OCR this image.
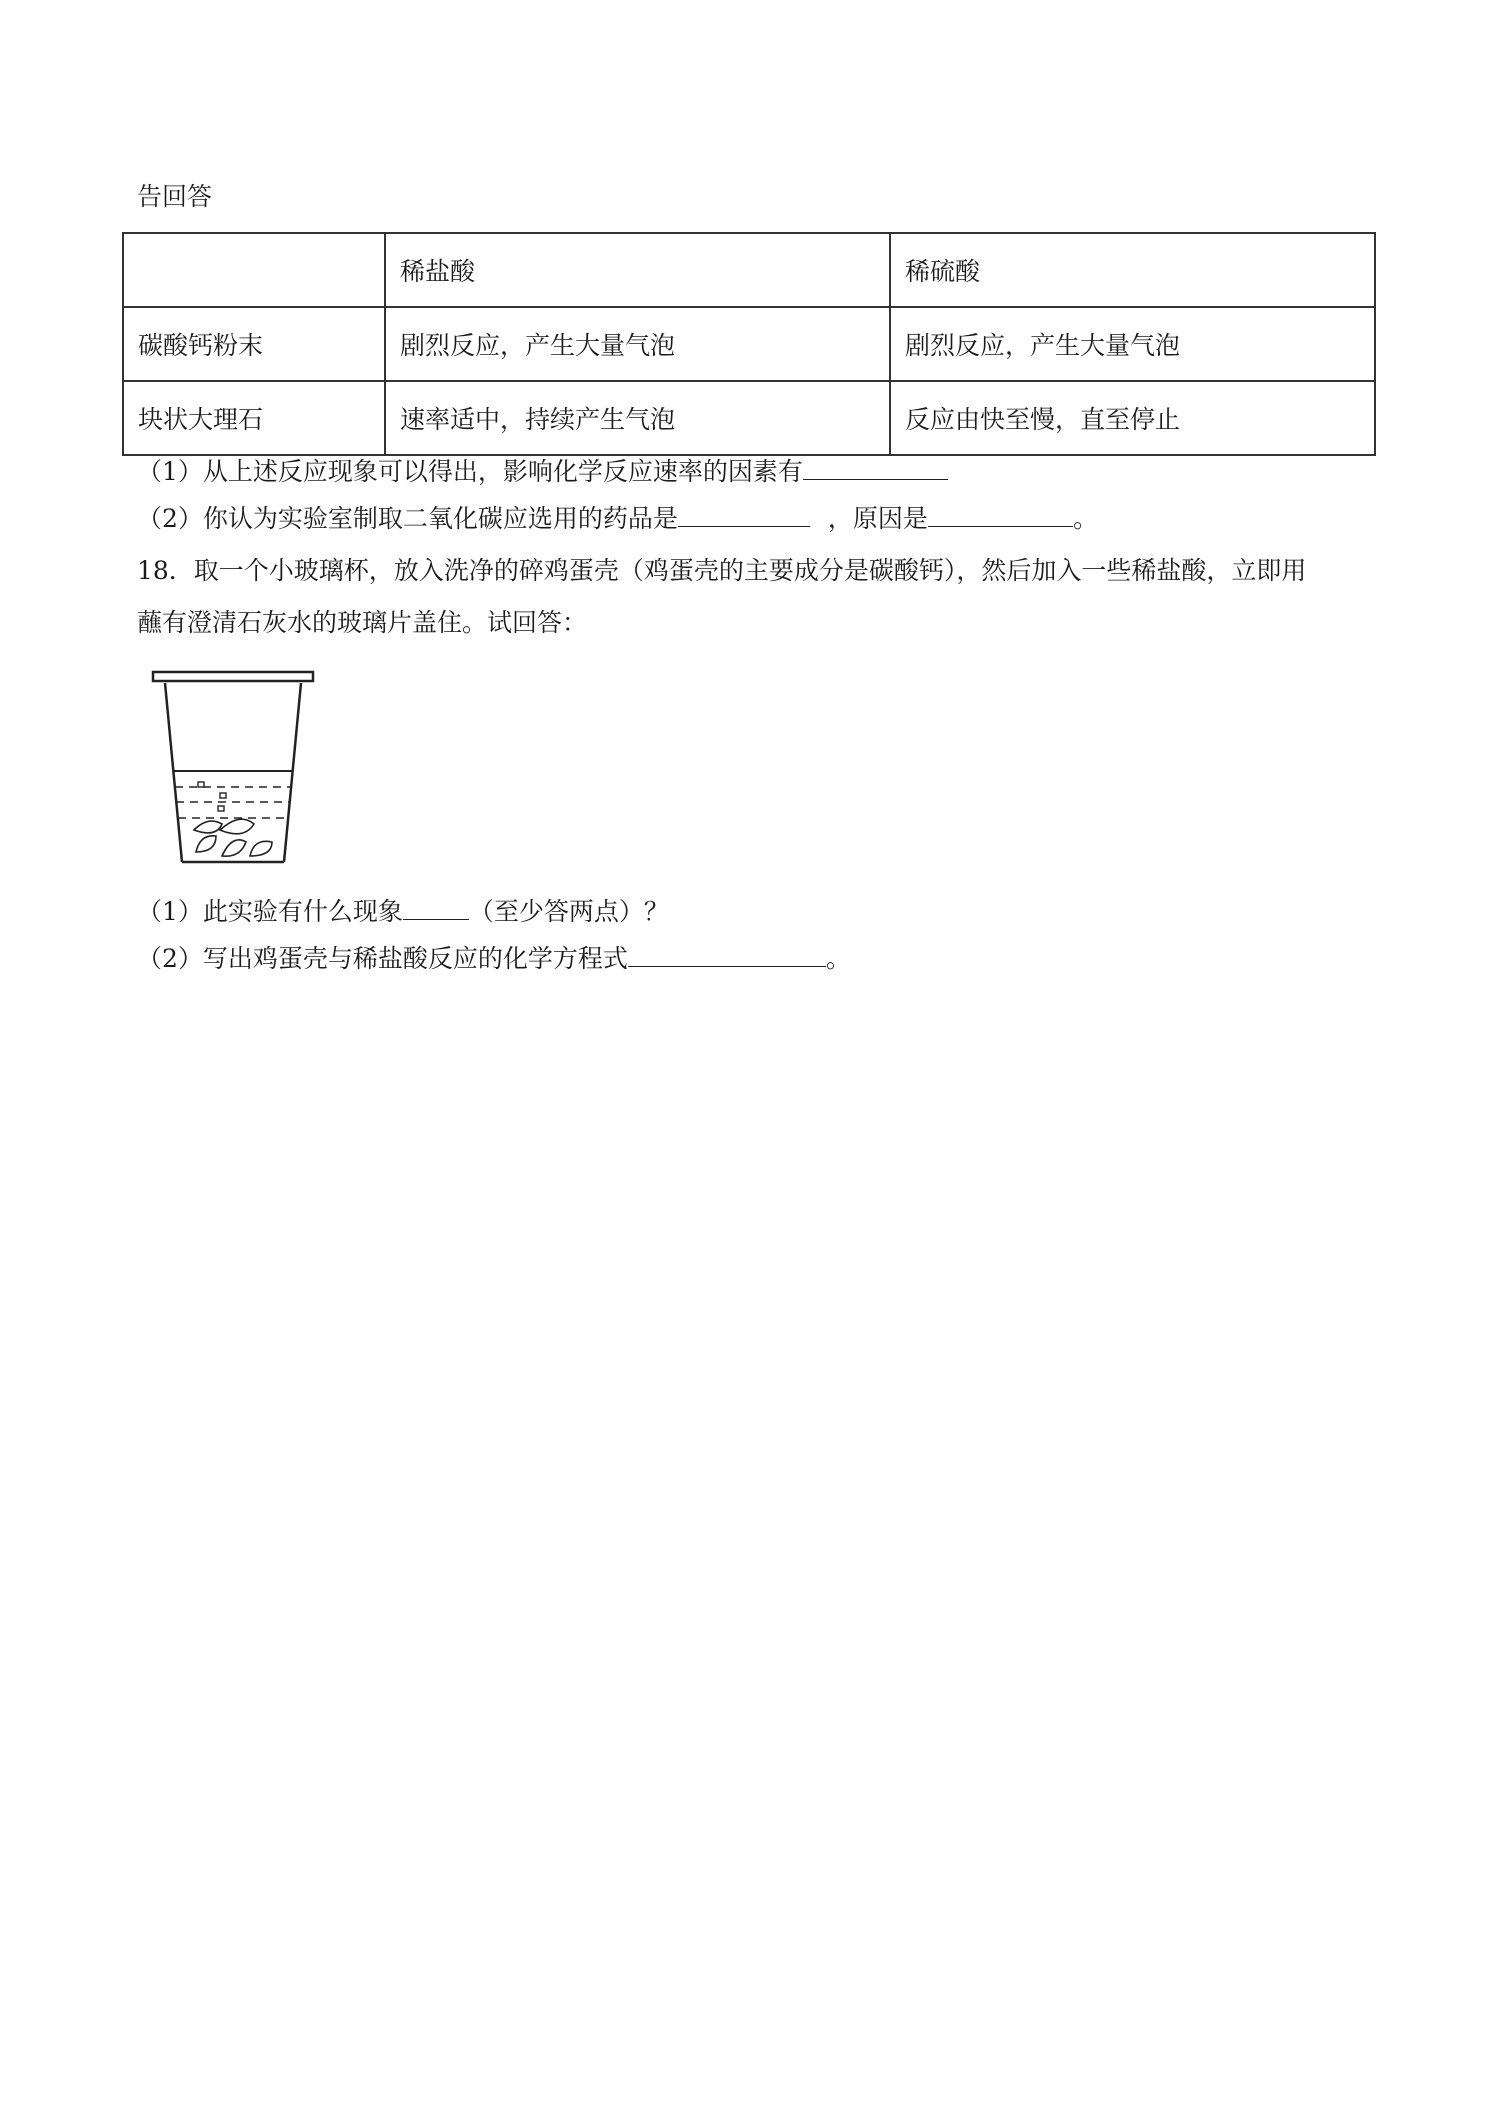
告回答
	稀盐酸	稀硫酸
碳酸钙粉末	剧烈反应，产生大量气泡	剧烈反应，产生大量气泡
块状大理石	速率适中，持续产生气泡	反应由快至慢，直至停止
（1）从上述反应现象可以得出，影响化学反应速率的因素有
（2）你认为实验室制取二氧化碳应选用的药品是	，原因是	。
18．取一个小玻璃杯，放入洗净的碎鸡蛋壳（鸡蛋壳的主要成分是碳酸钙），然后加入一些稀盐酸，立即用
蘸有澄清石灰水的玻璃片盖住。试回答：
（1）此实验有什么现象	（至少答两点）？
（2）写出鸡蛋壳与稀盐酸反应的化学方程式	。
